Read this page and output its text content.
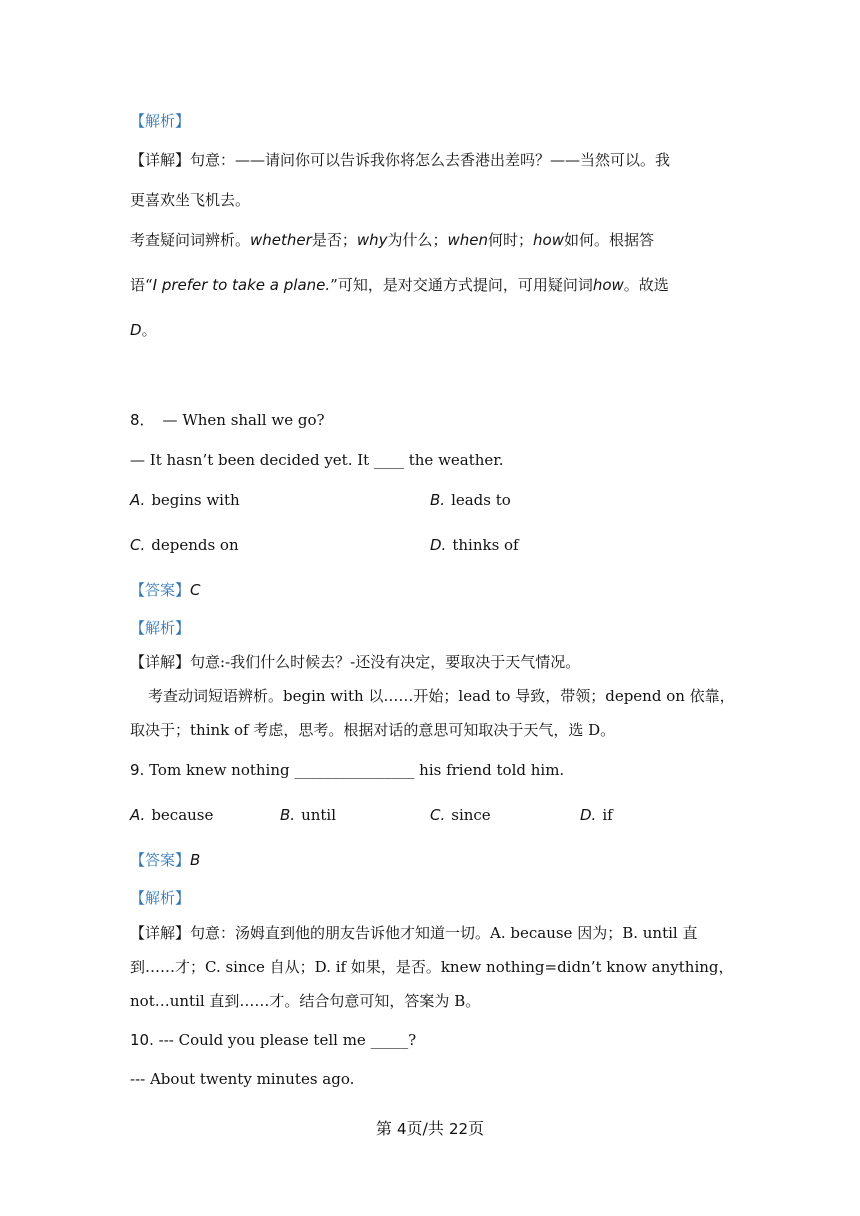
【解析】
【详解】句意：——请问你可以告诉我你将怎么去香港出差吗？——当然可以。我
更喜欢坐飞机去。
考查疑问词辨析。whether是否；why为什么；when何时；how如何。根据答
语“I prefer to take a plane.”可知，是对交通方式提问，可用疑问词how。故选
D。
8． — When shall we go?
— It hasn’t been decided yet. It ____ the weather.
A. begins with	B. leads to
C. depends on	D. thinks of
【答案】C
【解析】
【详解】句意:-我们什么时候去？-还没有决定，要取决于天气情况。
考查动词短语辨析。begin with 以……开始；lead to 导致，带领；depend on 依靠，
取决于；think of 考虑，思考。根据对话的意思可知取决于天气，选 D。
9. Tom knew nothing ________________ his friend told him.
A. because	B. until	C. since	D. if
【答案】B
【解析】
【详解】句意：汤姆直到他的朋友告诉他才知道一切。A. because 因为；B. until 直
到……才；C. since 自从；D. if 如果，是否。knew nothing=didn’t know anything，
not…until 直到……才。结合句意可知，答案为 B。
10. --- Could you please tell me _____?
--- About twenty minutes ago.
第 4页/共 22页
